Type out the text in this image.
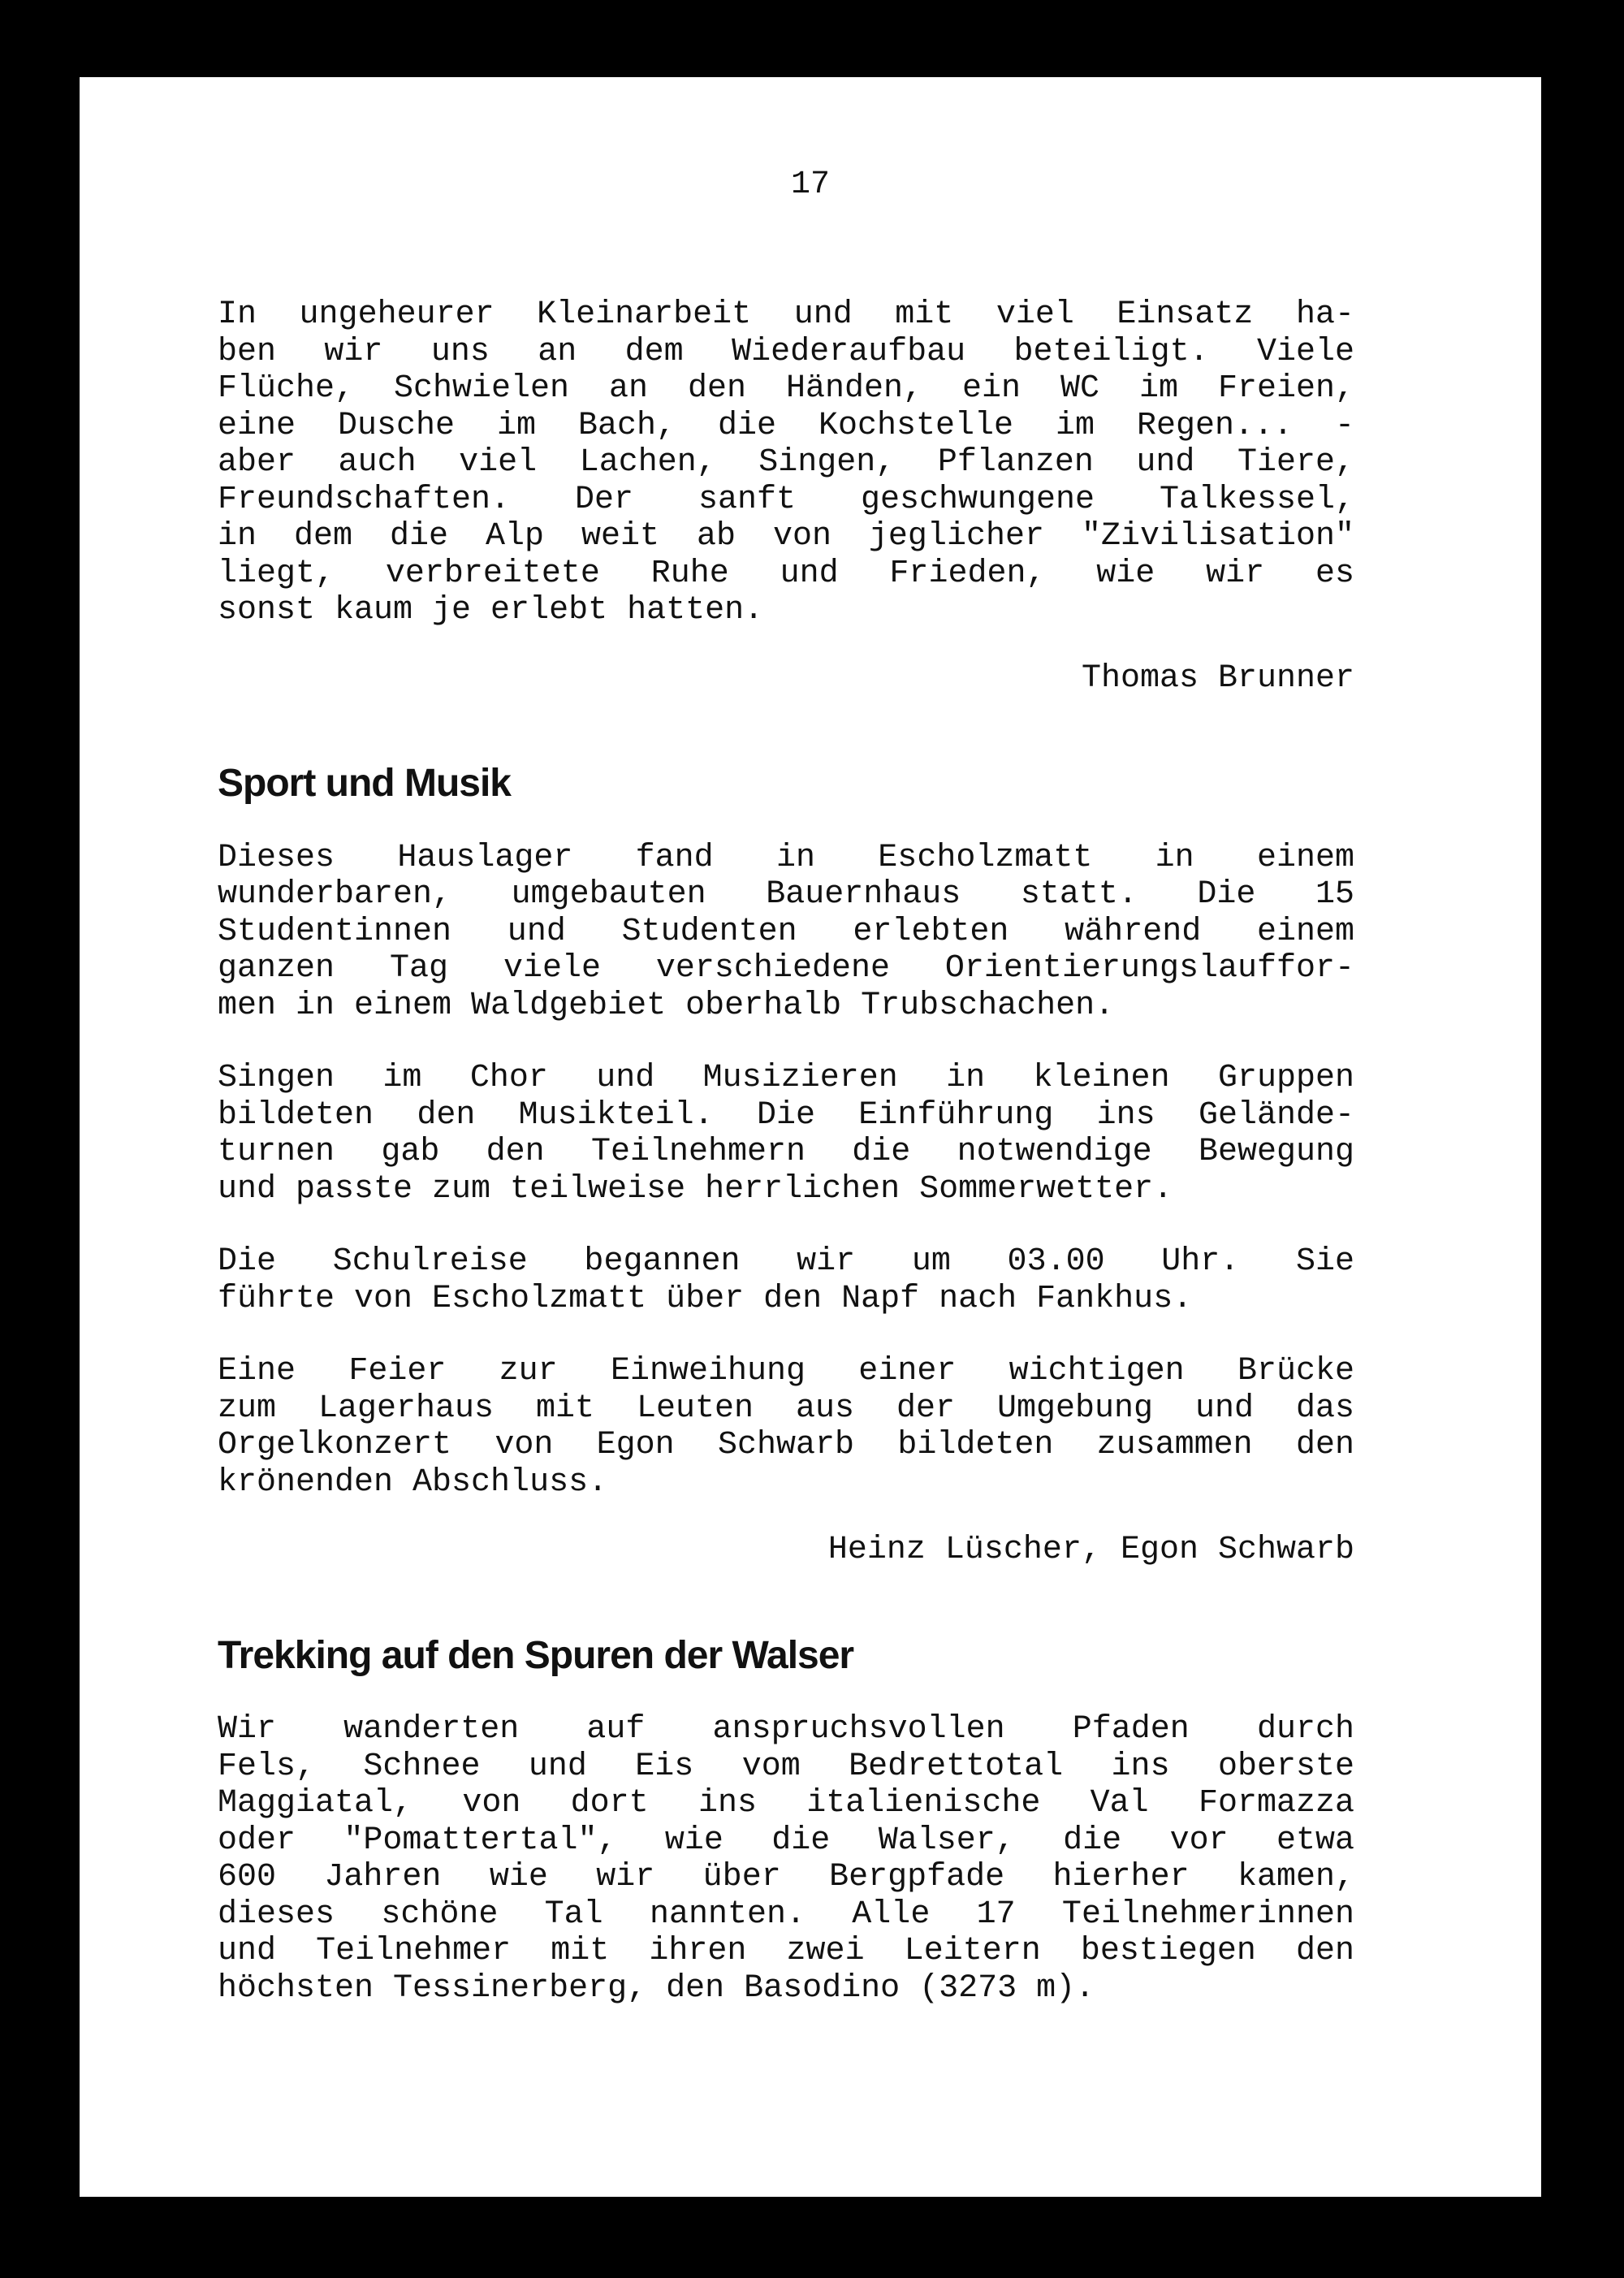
17

In ungeheurer Kleinarbeit und mit viel Einsatz ha-
ben wir uns an dem Wiederaufbau beteiligt. Viele
Flüche, Schwielen an den Händen, ein WC im Freien,
eine Dusche im Bach, die Kochstelle im Regen... -
aber auch viel Lachen, Singen, Pflanzen und Tiere,
Freundschaften. Der sanft geschwungene Talkessel,
in dem die Alp weit ab von jeglicher "Zivilisation"
liegt, verbreitete Ruhe und Frieden, wie wir es
sonst kaum je erlebt hatten.

Thomas Brunner

Sport und Musik

Dieses Hauslager fand in Escholzmatt in einem
wunderbaren, umgebauten Bauernhaus statt. Die 15
Studentinnen und Studenten erlebten während einem
ganzen Tag viele verschiedene Orientierungslauffor-
men in einem Waldgebiet oberhalb Trubschachen.

Singen im Chor und Musizieren in kleinen Gruppen
bildeten den Musikteil. Die Einführung ins Gelände-
turnen gab den Teilnehmern die notwendige Bewegung
und passte zum teilweise herrlichen Sommerwetter.

Die Schulreise begannen wir um 03.00 Uhr. Sie
führte von Escholzmatt über den Napf nach Fankhus.

Eine Feier zur Einweihung einer wichtigen Brücke
zum Lagerhaus mit Leuten aus der Umgebung und das
Orgelkonzert von Egon Schwarb bildeten zusammen den
krönenden Abschluss.

Heinz Lüscher, Egon Schwarb

Trekking auf den Spuren der Walser

Wir wanderten auf anspruchsvollen Pfaden durch
Fels, Schnee und Eis vom Bedrettotal ins oberste
Maggiatal, von dort ins italienische Val Formazza
oder "Pomattertal", wie die Walser, die vor etwa
600 Jahren wie wir über Bergpfade hierher kamen,
dieses schöne Tal nannten. Alle 17 Teilnehmerinnen
und Teilnehmer mit ihren zwei Leitern bestiegen den
höchsten Tessinerberg, den Basodino (3273 m).
